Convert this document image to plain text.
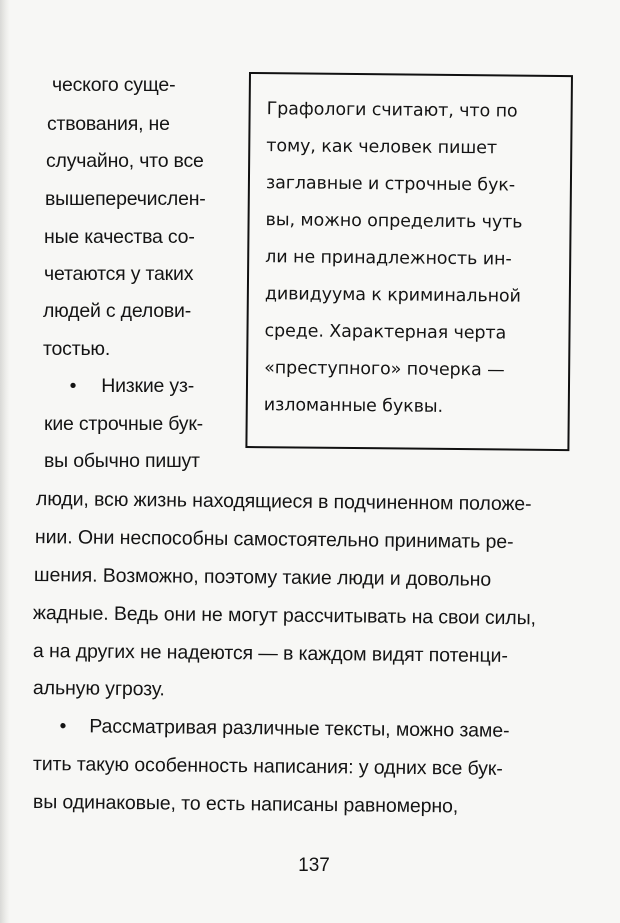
ческого суще-
ствования, не
случайно, что все
вышеперечислен-
ные качества со-
четаются у таких
людей с делови-
тостью.
• Низкие уз-
кие строчные бук-
вы обычно пишут
Графологи считают, что по
тому, как человек пишет
заглавные и строчные бук-
вы, можно определить чуть
ли не принадлежность ин-
дивидуума к криминальной
среде. Характерная черта
«преступного» почерка —
изломанные буквы.
люди, всю жизнь находящиеся в подчиненном положе-
нии. Они неспособны самостоятельно принимать ре-
шения. Возможно, поэтому такие люди и довольно
жадные. Ведь они не могут рассчитывать на свои силы,
а на других не надеются — в каждом видят потенци-
альную угрозу.
• Рассматривая различные тексты, можно заме-
тить такую особенность написания: у одних все бук-
вы одинаковые, то есть написаны равномерно,
137
